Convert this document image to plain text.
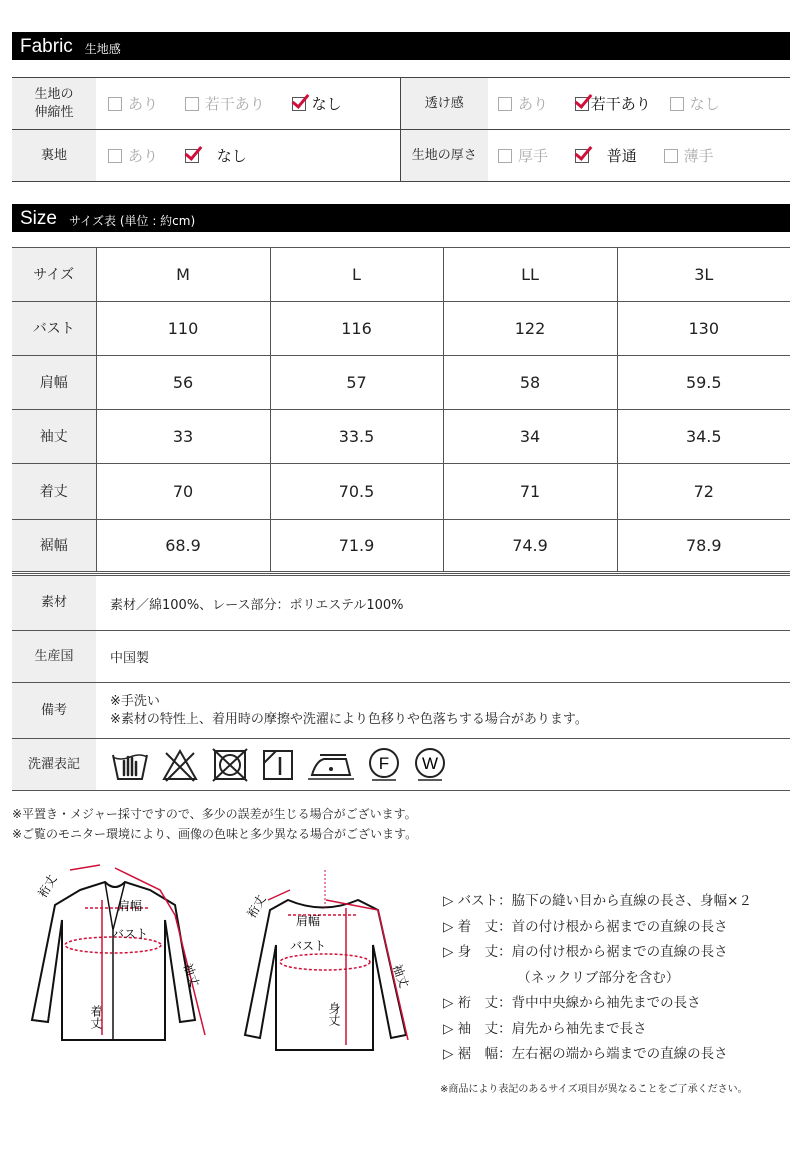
Fabric 生地感
生地の伸縮性	あり 若干あり なし	透け感	あり 若干あり なし
裏地	あり なし	生地の厚さ	厚手 普通 薄手
Size サイズ表 (単位 : 約cm)
サイズ	M	L	LL	3L
バスト	110	116	122	130
肩幅	56	57	58	59.5
袖丈	33	33.5	34	34.5
着丈	70	70.5	71	72
裾幅	68.9	71.9	74.9	78.9
素材	素材／綿100%、レース部分：ポリエステル100%
生産国	中国製
備考	※手洗い
※素材の特性上、着用時の摩擦や洗濯により色移りや色落ちする場合があります。

洗濯表記	F W
※平置き・メジャー採寸ですので、多少の誤差が生じる場合がございます。
※ご覧のモニター環境により、画像の色味と多少異なる場合がございます。
裄丈
肩幅
バスト
袖丈
着丈
裄丈
肩幅
バスト
袖丈
身丈
▷ バスト：脇下の縫い目から直線の長さ、身幅×２
▷ 着　丈：首の付け根から裾までの直線の長さ
▷ 身　丈：肩の付け根から裾までの直線の長さ
　　　　　　（ネックリブ部分を含む）
▷ 裄　丈：背中中央線から袖先までの長さ
▷ 袖　丈：肩先から袖先まで長さ
▷ 裾　幅：左右裾の端から端までの直線の長さ
※商品により表記のあるサイズ項目が異なることをご了承ください。
